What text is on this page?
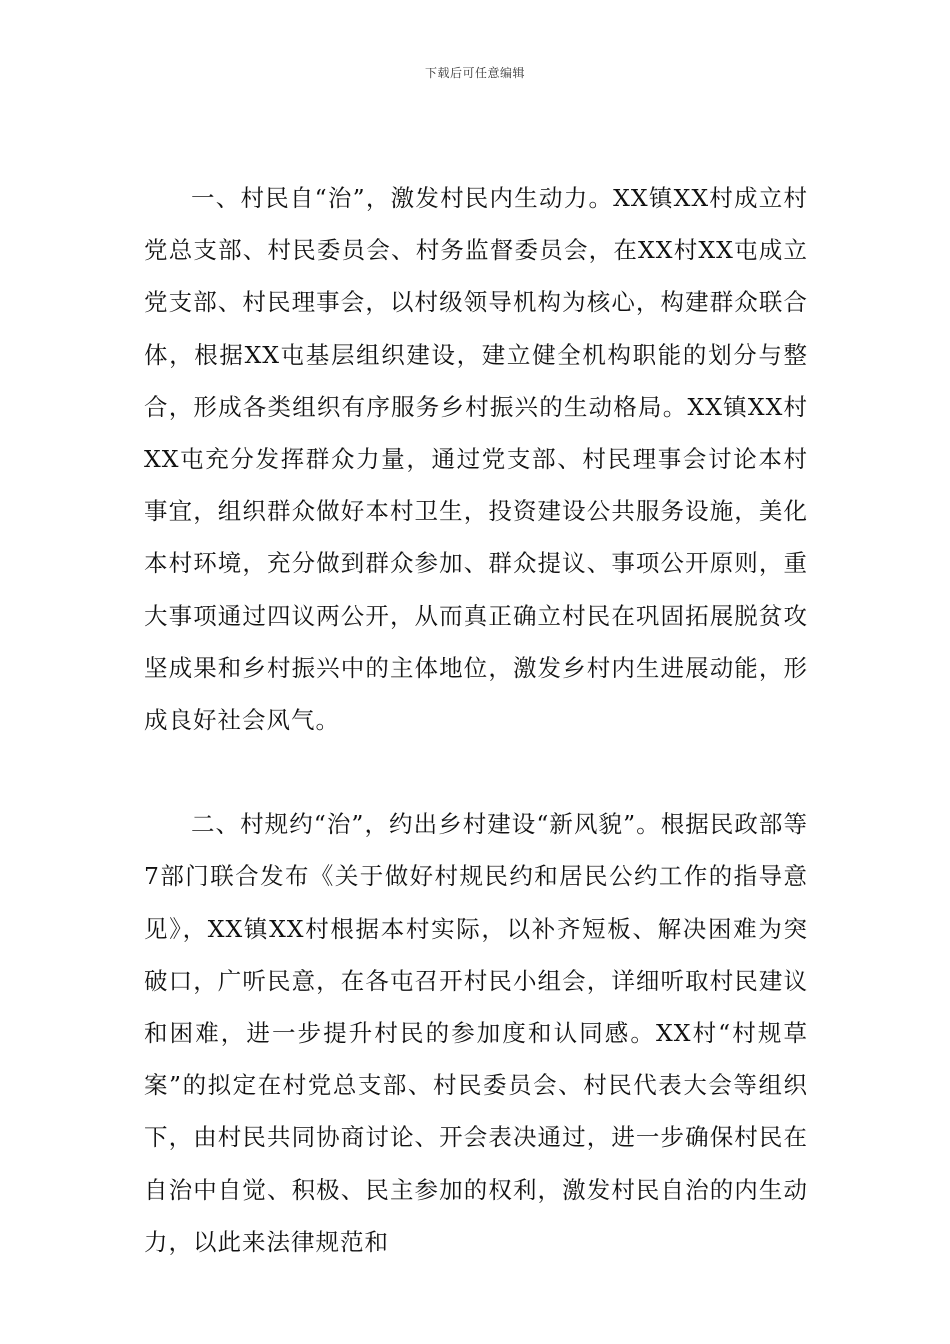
下载后可任意编辑

一、村民自“治”，激发村民内生动力。XX镇XX村成立村党总支部、村民委员会、村务监督委员会，在XX村XX屯成立党支部、村民理事会，以村级领导机构为核心，构建群众联合体，根据XX屯基层组织建设，建立健全机构职能的划分与整合，形成各类组织有序服务乡村振兴的生动格局。XX镇XX村XX屯充分发挥群众力量，通过党支部、村民理事会讨论本村事宜，组织群众做好本村卫生，投资建设公共服务设施，美化本村环境，充分做到群众参加、群众提议、事项公开原则，重大事项通过四议两公开，从而真正确立村民在巩固拓展脱贫攻坚成果和乡村振兴中的主体地位，激发乡村内生进展动能，形成良好社会风气。

二、村规约“治”，约出乡村建设“新风貌”。根据民政部等7部门联合发布《关于做好村规民约和居民公约工作的指导意见》，XX镇XX村根据本村实际，以补齐短板、解决困难为突破口，广听民意，在各屯召开村民小组会，详细听取村民建议和困难，进一步提升村民的参加度和认同感。XX村“村规草案”的拟定在村党总支部、村民委员会、村民代表大会等组织下，由村民共同协商讨论、开会表决通过，进一步确保村民在自治中自觉、积极、民主参加的权利，激发村民自治的内生动力，以此来法律规范和
